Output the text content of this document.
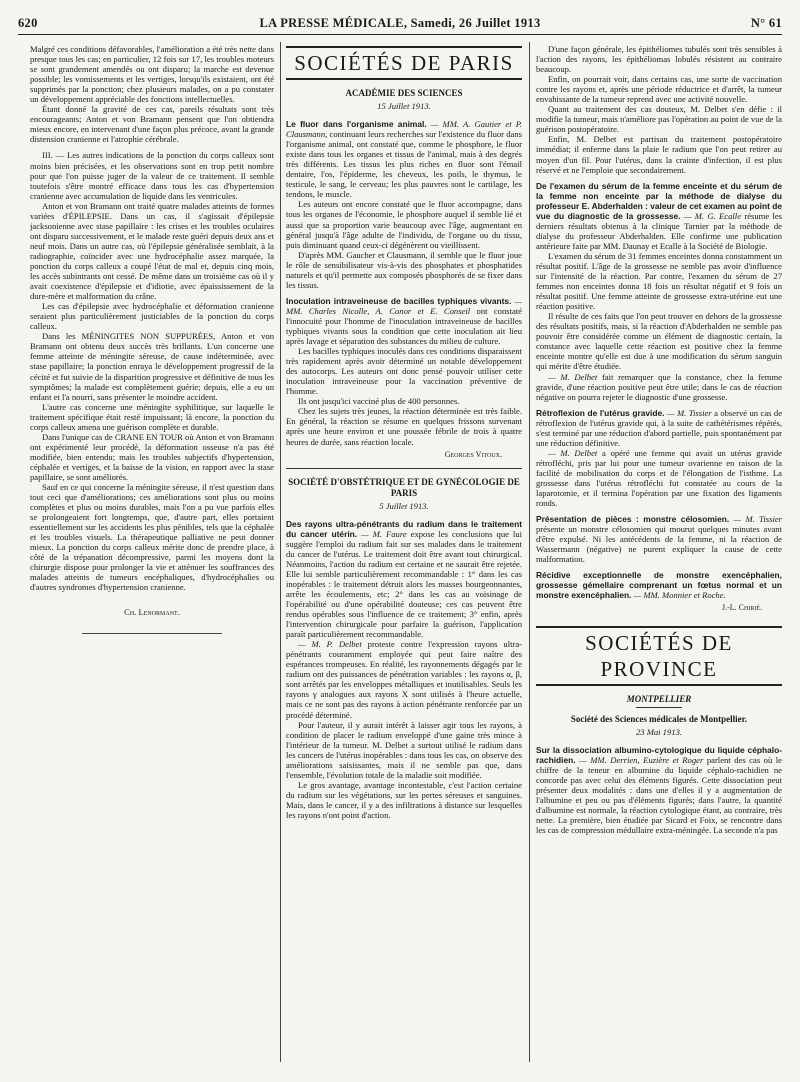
620	LA PRESSE MÉDICALE, Samedi, 26 Juillet 1913	N° 61

Malgré ces conditions défavorables, l'amélioration a été très nette dans presque tous les cas; en particulier, 12 fois sur 17, les troubles moteurs se sont grandement amendés ou ont disparu; la marche est devenue possible; les vomissements et les vertiges, lorsqu'ils existaient, ont été supprimés par la ponction; chez plusieurs malades, on a pu constater un développement appréciable des fonctions intellectuelles.

Étant donné la gravité de ces cas, pareils résultats sont très encourageants; Anton et von Bramann pensent que l'on obtiendra mieux encore, en intervenant d'une façon plus précoce, avant la grande distension cranienne et l'atrophie cérébrale.

III. — Les autres indications de la ponction du corps calleux sont moins bien précisées, et les observations sont en trop petit nombre pour que l'on puisse juger de la valeur de ce traitement. Il semble toutefois s'être montré efficace dans tous les cas d'hypertension cranienne avec accumulation de liquide dans les ventricules.

Anton et von Bramann ont traité quatre malades atteints de formes variées d'ÉPILEPSIE. Dans un cas, il s'agissait d'épilepsie jacksonienne avec stase papillaire : les crises et les troubles oculaires ont disparu successivement, et le malade reste guéri depuis deux ans et neuf mois. Dans un autre cas, où l'épilepsie généralisée semblait, à la radiographie, coïncider avec une hydrocéphalie assez marquée, la ponction du corps calleux a coupé l'état de mal et, depuis cinq mois, les accès subintrants ont cessé. De même dans un troisième cas où il y avait coexistence d'épilepsie et d'idiotie, avec épaississement de la dure-mère et malformation du crâne.

Les cas d'épilepsie avec hydrocéphalie et déformation cranienne seraient plus particulièrement justiciables de la ponction du corps calleux.

Dans les MÉNINGITES NON SUPPURÉES, Anton et von Bramann ont obtenu deux succès très brillants. L'un concerne une femme atteinte de méningite séreuse, de cause indéterminée, avec stase papillaire; la ponction enraya le développement progressif de la cécité et fut suivie de la disparition progressive et définitive de tous les symptômes; la malade est complètement guérie; depuis, elle a eu un enfant et l'a nourri, sans présenter le moindre accident.

L'autre cas concerne une méningite syphilitique, sur laquelle le traitement spécifique était resté impuissant; là encore, la ponction du corps calleux amena une guérison complète et durable.

Dans l'unique cas de CRANE EN TOUR où Anton et von Bramann ont expérimenté leur procédé, la déformation osseuse n'a pas été modifiée, bien entendu; mais les troubles subjectifs d'hypertension, céphalée et vertiges, et la baisse de la vision, en rapport avec la stase papillaire, se sont améliorés.

Sauf en ce qui concerne la méningite séreuse, il n'est question dans tout ceci que d'améliorations; ces améliorations sont plus ou moins complètes et plus ou moins durables, mais l'on a pu vue parfois elles se prolongeaient fort longtemps, que, d'autre part, elles portaient essentiellement sur les accidents les plus pénibles, tels que la céphalée et les troubles visuels. La thérapeutique palliative ne peut donner mieux. La ponction du corps calleux mérite donc de prendre place, à côté de la trépanation décompressive, parmi les moyens dont la chirurgie dispose pour prolonger la vie et atténuer les souffrances des malades atteints de tumeurs encéphaliques, d'hydrocéphalies ou d'autres syndromes d'hypertension cranienne.

Ch. Lenormant.
SOCIÉTÉS DE PARIS
ACADÉMIE DES SCIENCES
15 Juillet 1913.

Le fluor dans l'organisme animal. — MM. A. Gautier et P. Clausmann, continuant leurs recherches sur l'existence du fluor dans l'organisme animal, ont constaté que, comme le phosphore, le fluor existe dans tous les organes et tissus de l'animal, mais à des degrés très différents. Les tissus les plus riches en fluor sont l'émail dentaire, l'os, l'épiderme, les cheveux, les poils, le thymus, le testicule, le sang, le cerveau; les plus pauvres sont le cartilage, les tendons, le muscle.

Les auteurs ont encore constaté que le fluor accompagne, dans tous les organes de l'économie, le phosphore auquel il semble lié et aussi que sa proportion varie beaucoup avec l'âge, augmentant en général jusqu'à l'âge adulte de l'individu, de l'organe ou du tissu, puis diminuant quand ceux-ci dégénèrent ou vieillissent.

D'après MM. Gaucher et Clausmann, il semble que le fluor joue le rôle de sensibilisateur vis-à-vis des phosphates et phosphatides naturels et qu'il permette aux composés phosphorés de se fixer dans les tissus.

Inoculation intraveineuse de bacilles typhiques vivants. — MM. Charles Nicolle, A. Conor et E. Conseil ont constaté l'innocuité pour l'homme de l'inoculation intraveineuse de bacilles typhiques vivants sous la condition que cette inoculation ait lieu après lavage et séparation des substances du milieu de culture.

Les bacilles typhiques inoculés dans ces conditions disparaissent très rapidement après avoir déterminé un notable développement des autocorps. Les auteurs ont donc pensé pouvoir utiliser cette inoculation intraveineuse pour la vaccination préventive de l'homme.

Ils ont jusqu'ici vacciné plus de 400 personnes.

Chez les sujets très jeunes, la réaction déterminée est très faible. En général, la réaction se résume en quelques frissons survenant après une heure environ et une poussée fébrile de trois à quatre heures de durée, sans réaction locale.

Georges Vitoux.
SOCIÉTÉ D'OBSTÉTRIQUE ET DE GYNÉCOLOGIE DE PARIS
5 Juillet 1913.

Des rayons ultra-pénétrants du radium dans le traitement du cancer utérin. — M. Faure expose les conclusions que lui suggère l'emploi du radium fait sur ses malades dans le traitement du cancer de l'utérus. Le traitement doit être avant tout chirurgical. Néanmoins, l'action du radium est certaine et ne saurait être rejetée. Elle lui semble particulièrement recommandable : 1° dans les cas inopérables : le traitement détruit alors les masses bourgeonnantes, arrête les écoulements, etc; 2° dans les cas au voisinage de l'opérabilité ou d'une opérabilité douteuse; ces cas peuvent être rendus opérables sous l'influence de ce traitement; 3° enfin, après l'intervention chirurgicale pour parfaire la guérison, l'application paraît particulièrement recommandable.

— M. P. Delbet proteste contre l'expression rayons ultra-pénétrants couramment employée qui peut faire naître des espérances trompeuses. En réalité, les rayonnements dégagés par le radium ont des puissances de pénétration variables : les rayons α, β, sont arrêtés par les enveloppes métalliques et inutilisables. Seuls les rayons γ analogues aux rayons X sont utilisés à l'heure actuelle, mais ce ne sont pas des rayons à action pénétrante renforcée par un procédé déterminé.

Pour l'auteur, il y aurait intérêt à laisser agir tous les rayons, à condition de placer le radium enveloppé d'une gaine très mince à l'intérieur de la tumeur. M. Delbet a surtout utilisé le radium dans les cancers de l'utérus inopérables : dans tous les cas, on observe des améliorations saisissantes, mais il ne semble pas que, dans l'ensemble, l'évolution totale de la maladie soit modifiée.

Le gros avantage, avantage incontestable, c'est l'action certaine du radium sur les végétations, sur les pertes séreuses et sanguines. Mais, dans le cancer, il y a des infiltrations à distance sur lesquelles les rayons n'ont point d'action.

D'une façon générale, les épithéliomes tubulés sont très sensibles à l'action des rayons, les épithéliomas lobulés résistent au contraire beaucoup.

Enfin, on pourrait voir, dans certains cas, une sorte de vaccination contre les rayons et, après une période réductrice et d'arrêt, la tumeur envahissante de la tumeur reprend avec une activité nouvelle.

Quant au traitement des cas douteux, M. Delbet s'en défie : il modifie la tumeur, mais n'améliore pas l'opération au point de vue de la guérison postopératoire.

Enfin, M. Delbet est partisan du traitement postopératoire immédiat; il enferme dans la plaie le radium que l'on peut retirer au moyen d'un fil. Pour l'utérus, dans la crainte d'infection, il est plus réservé et ne l'emploie que secondairement.

De l'examen du sérum de la femme enceinte et du sérum de la femme non enceinte par la méthode de dialyse du professeur E. Abderhalden : valeur de cet examen au point de vue du diagnostic de la grossesse. — M. G. Ecalle résume les derniers résultats obtenus à la clinique Tarnier par la méthode de dialyse du professeur Abderhalden. Elle confirme une publication antérieure faite par MM. Daunay et Ecalle à la Société de Biologie.

L'examen du sérum de 31 femmes enceintes donna constamment un résultat positif. L'âge de la grossesse ne semble pas avoir d'influence sur l'intensité de la réaction. Par contre, l'examen du sérum de 27 femmes non enceintes donna 18 fois un résultat négatif et 9 fois un résultat positif. Une femme atteinte de grossesse extra-utérine eut une réaction positive.

Il résulte de ces faits que l'on peut trouver en dehors de la grossesse des résultats positifs, mais, si la réaction d'Abderhalden ne semble pas pouvoir être considérée comme un élément de diagnostic certain, la constance avec laquelle cette réaction est positive chez la femme enceinte montre qu'elle est due à une modification du sérum sanguin qui mérite d'être étudiée.

— M. Delbet fait remarquer que la constance, chez la femme gravide, d'une réaction positive peut être utile; dans le cas de réaction négative on pourra rejeter le diagnostic d'une grossesse.

Rétroflexion de l'utérus gravide. — M. Tissier a observé un cas de rétroflexion de l'utérus gravide qui, à la suite de cathétérismes répétés, s'est terminé par une réduction d'abord partielle, puis spontanément par une réduction définitive.

— M. Delbet a opéré une femme qui avait un utérus gravide rétrofléchi, pris par lui pour une tumeur ovarienne en raison de la facilité de mobilisation du corps et de l'élongation de l'isthme. La grossesse dans l'utérus rétrofléchi fut constatée au cours de la laparotomie, et il termina l'opération par une fixation des ligaments ronds.

Présentation de pièces : monstre célosomien. — M. Tissier présente un monstre célosomien qui mourut quelques minutes avant d'être expulsé. Ni les antécédents de la femme, ni la réaction de Wassermann (négative) ne purent expliquer la cause de cette malformation.

Récidive exceptionnelle de monstre exencéphalien, grossesse gémellaire comprenant un fœtus normal et un monstre exencéphalien. — MM. Monnier et Roche.

J.-L. Chirié.
SOCIÉTÉS DE PROVINCE
MONTPELLIER
Société des Sciences médicales de Montpellier.
23 Mai 1913.

Sur la dissociation albumino-cytologique du liquide céphalo-rachidien. — MM. Derrien, Euzière et Roger parlent des cas où le chiffre de la teneur en albumine du liquide céphalo-rachidien ne concorde pas avec celui des éléments figurés. Cette dissociation peut présenter deux modalités : dans une d'elles il y a augmentation de l'albumine et peu ou pas d'éléments figurés; dans l'autre, la quantité d'albumine est normale, la réaction cytologique étant, au contraire, très nette. La première, bien étudiée par Sicard et Foix, se rencontre dans les cas de compression médullaire extra-méningée. La seconde n'a pas
